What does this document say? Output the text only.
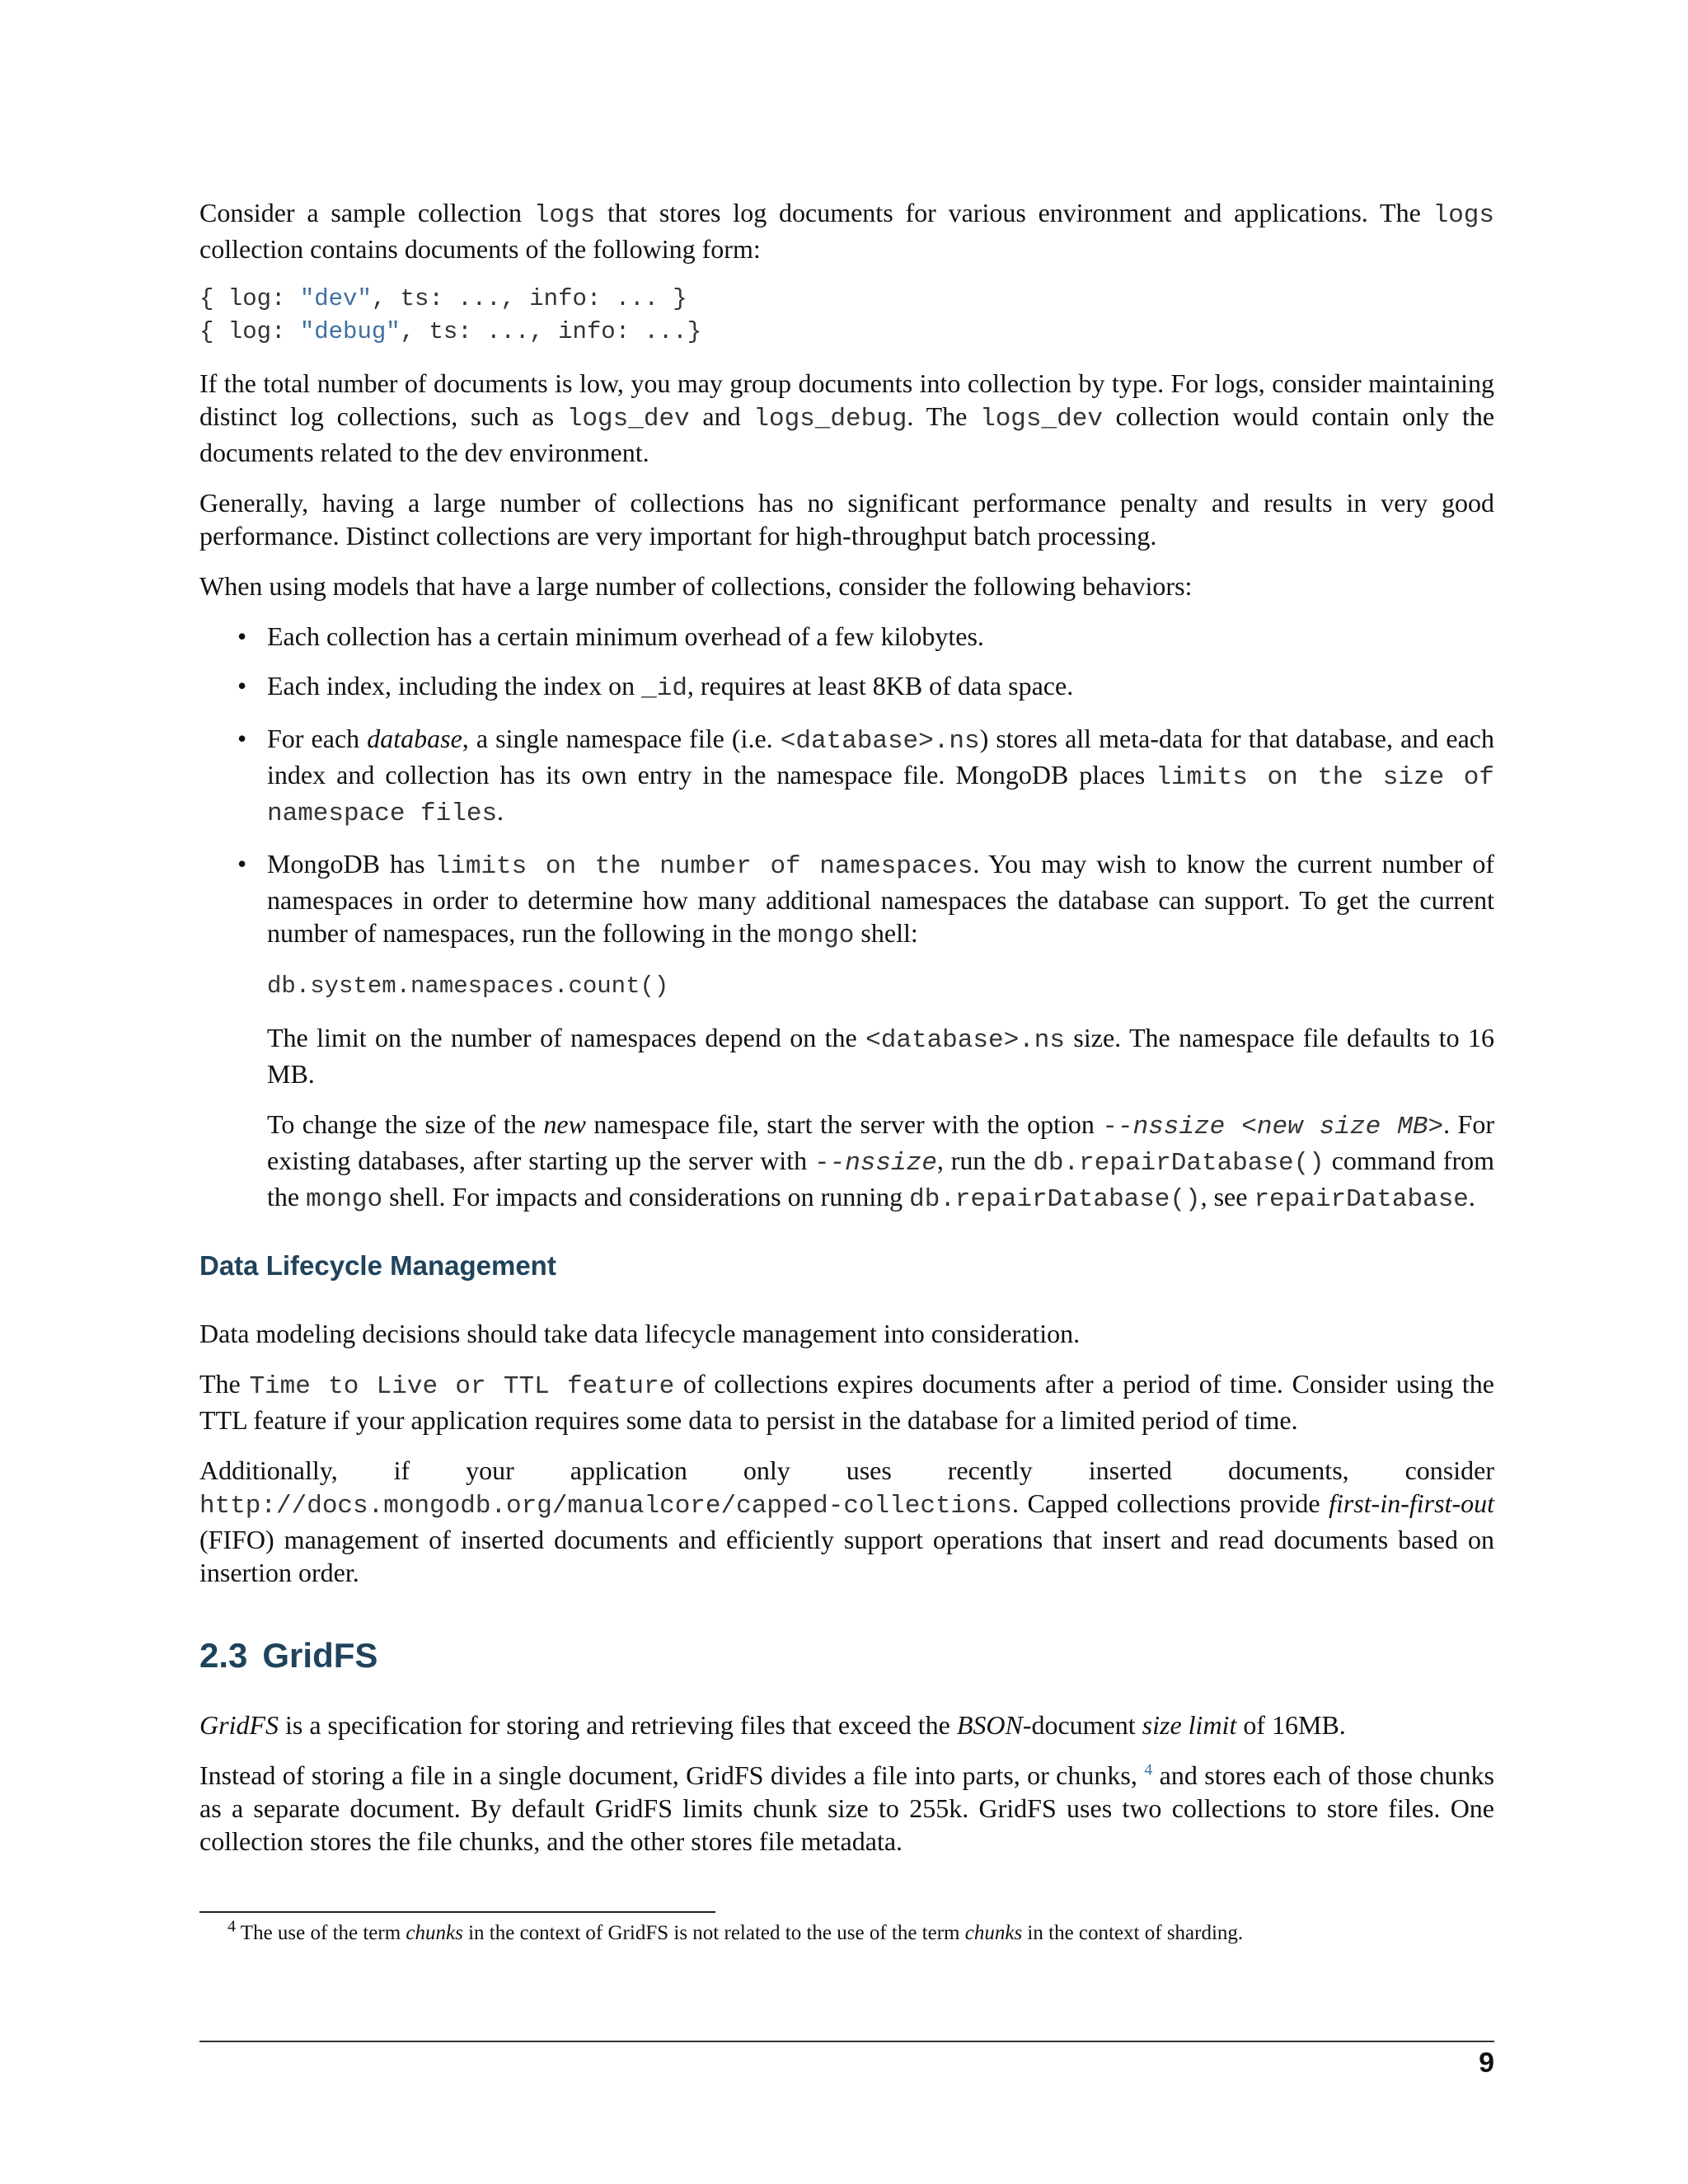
Consider a sample collection logs that stores log documents for various environment and applications. The logs collection contains documents of the following form:

{ log: "dev", ts: ..., info: ... }
{ log: "debug", ts: ..., info: ...}

If the total number of documents is low, you may group documents into collection by type. For logs, consider maintaining distinct log collections, such as logs_dev and logs_debug. The logs_dev collection would contain only the documents related to the dev environment.

Generally, having a large number of collections has no significant performance penalty and results in very good performance. Distinct collections are very important for high-throughput batch processing.

When using models that have a large number of collections, consider the following behaviors:

• Each collection has a certain minimum overhead of a few kilobytes.
• Each index, including the index on _id, requires at least 8KB of data space.
• For each database, a single namespace file (i.e. <database>.ns) stores all meta-data for that database, and each index and collection has its own entry in the namespace file. MongoDB places limits on the size of namespace files.
• MongoDB has limits on the number of namespaces. You may wish to know the current number of namespaces in order to determine how many additional namespaces the database can support. To get the current number of namespaces, run the following in the mongo shell:

db.system.namespaces.count()

The limit on the number of namespaces depend on the <database>.ns size. The namespace file defaults to 16 MB.

To change the size of the new namespace file, start the server with the option --nssize <new size MB>. For existing databases, after starting up the server with --nssize, run the db.repairDatabase() command from the mongo shell. For impacts and considerations on running db.repairDatabase(), see repairDatabase.

Data Lifecycle Management

Data modeling decisions should take data lifecycle management into consideration.

The Time to Live or TTL feature of collections expires documents after a period of time. Consider using the TTL feature if your application requires some data to persist in the database for a limited period of time.

Additionally, if your application only uses recently inserted documents, consider

http://docs.mongodb.org/manualcore/capped-collections. Capped collections provide first-in-first-out (FIFO) management of inserted documents and efficiently support operations that insert and read documents based on insertion order.

2.3 GridFS

GridFS is a specification for storing and retrieving files that exceed the BSON-document size limit of 16MB.

Instead of storing a file in a single document, GridFS divides a file into parts, or chunks, $^4$ and stores each of those chunks as a separate document. By default GridFS limits chunk size to 255k. GridFS uses two collections to store files. One collection stores the file chunks, and the other stores file metadata.

$^4$ The use of the term chunks in the context of GridFS is not related to the use of the term chunks in the context of sharding.
9
